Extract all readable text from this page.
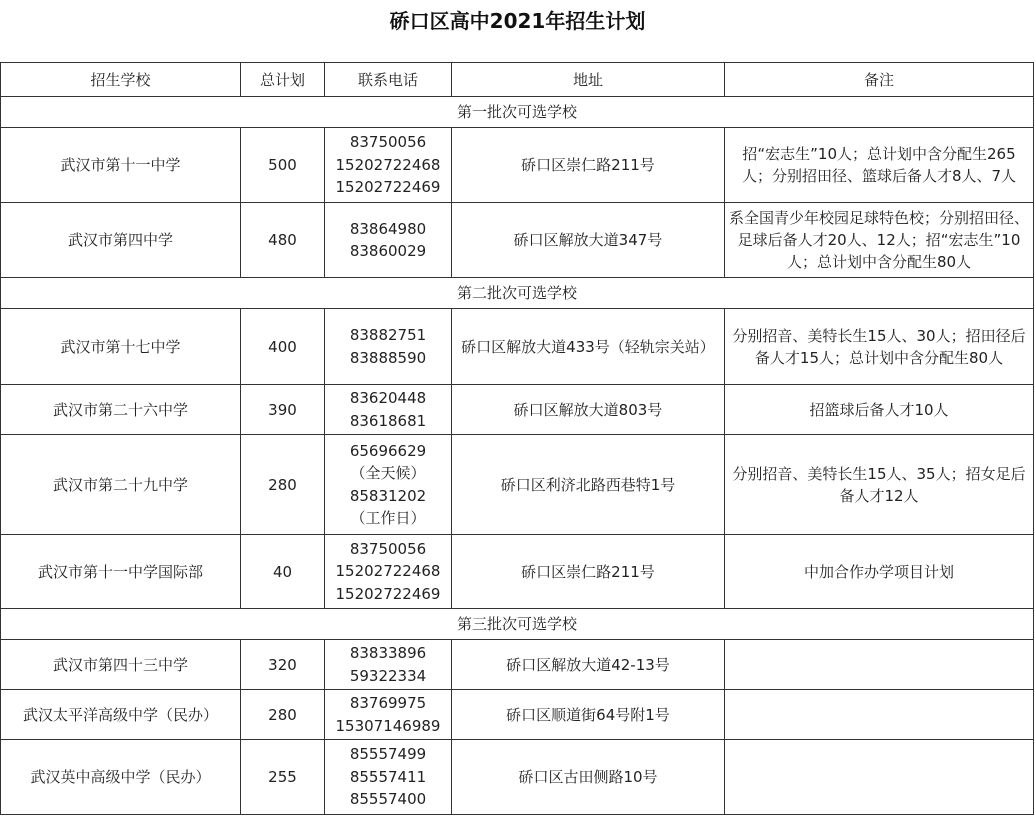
硚口区高中2021年招生计划
招生学校	总计划	联系电话	地址	备注
第一批次可选学校				
武汉市第十一中学	500	83750056
15202722468
15202722469	硚口区崇仁路211号	招“宏志生”10人；总计划中含分配生265人；分别招田径、篮球后备人才8人、7人
武汉市第四中学	480	83864980
83860029	硚口区解放大道347号	系全国青少年校园足球特色校；分别招田径、足球后备人才20人、12人；招“宏志生”10人；总计划中含分配生80人
第二批次可选学校				
武汉市第十七中学	400	83882751
83888590	硚口区解放大道433号（轻轨宗关站）	分别招音、美特长生15人、30人；招田径后备人才15人；总计划中含分配生80人
武汉市第二十六中学	390	83620448
83618681	硚口区解放大道803号	招篮球后备人才10人
武汉市第二十九中学	280	65696629
（全天候）
85831202
（工作日）	硚口区利济北路西巷特1号	分别招音、美特长生15人、35人；招女足后备人才12人
武汉市第十一中学国际部	40	83750056
15202722468
15202722469	硚口区崇仁路211号	中加合作办学项目计划
第三批次可选学校				
武汉市第四十三中学	320	83833896
59322334	硚口区解放大道42-13号	
武汉太平洋高级中学（民办）	280	83769975
15307146989	硚口区顺道街64号附1号	
武汉英中高级中学（民办）	255	85557499
85557411
85557400	硚口区古田侧路10号	
